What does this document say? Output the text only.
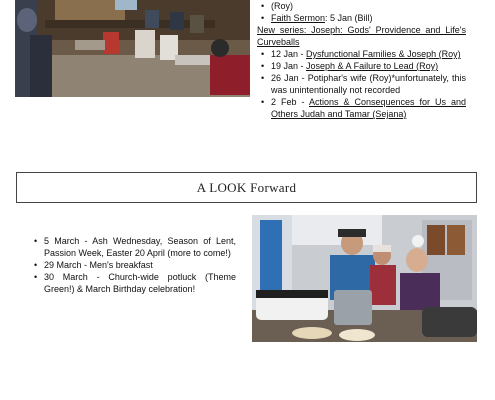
• (Roy)
• Faith Sermon: 5 Jan (Bill)
New series: Joseph: Gods' Providence and Life's Curveballs
• 12 Jan - Dysfunctional Families & Joseph (Roy)
• 19 Jan - Joseph & A Failure to Lead (Roy)
• 26 Jan - Potiphar's wife (Roy)*unfortunately, this was unintentionally not recorded
• 2 Feb - Actions & Consequences for Us and Others Judah and Tamar (Sejana)
A LOOK Forward
• 5 March - Ash Wednesday, Season of Lent, Passion Week, Easter 20 April (more to come!)
• 29 March - Men's breakfast
• 30 March - Church-wide potluck (Theme Green!) & March Birthday celebration!
